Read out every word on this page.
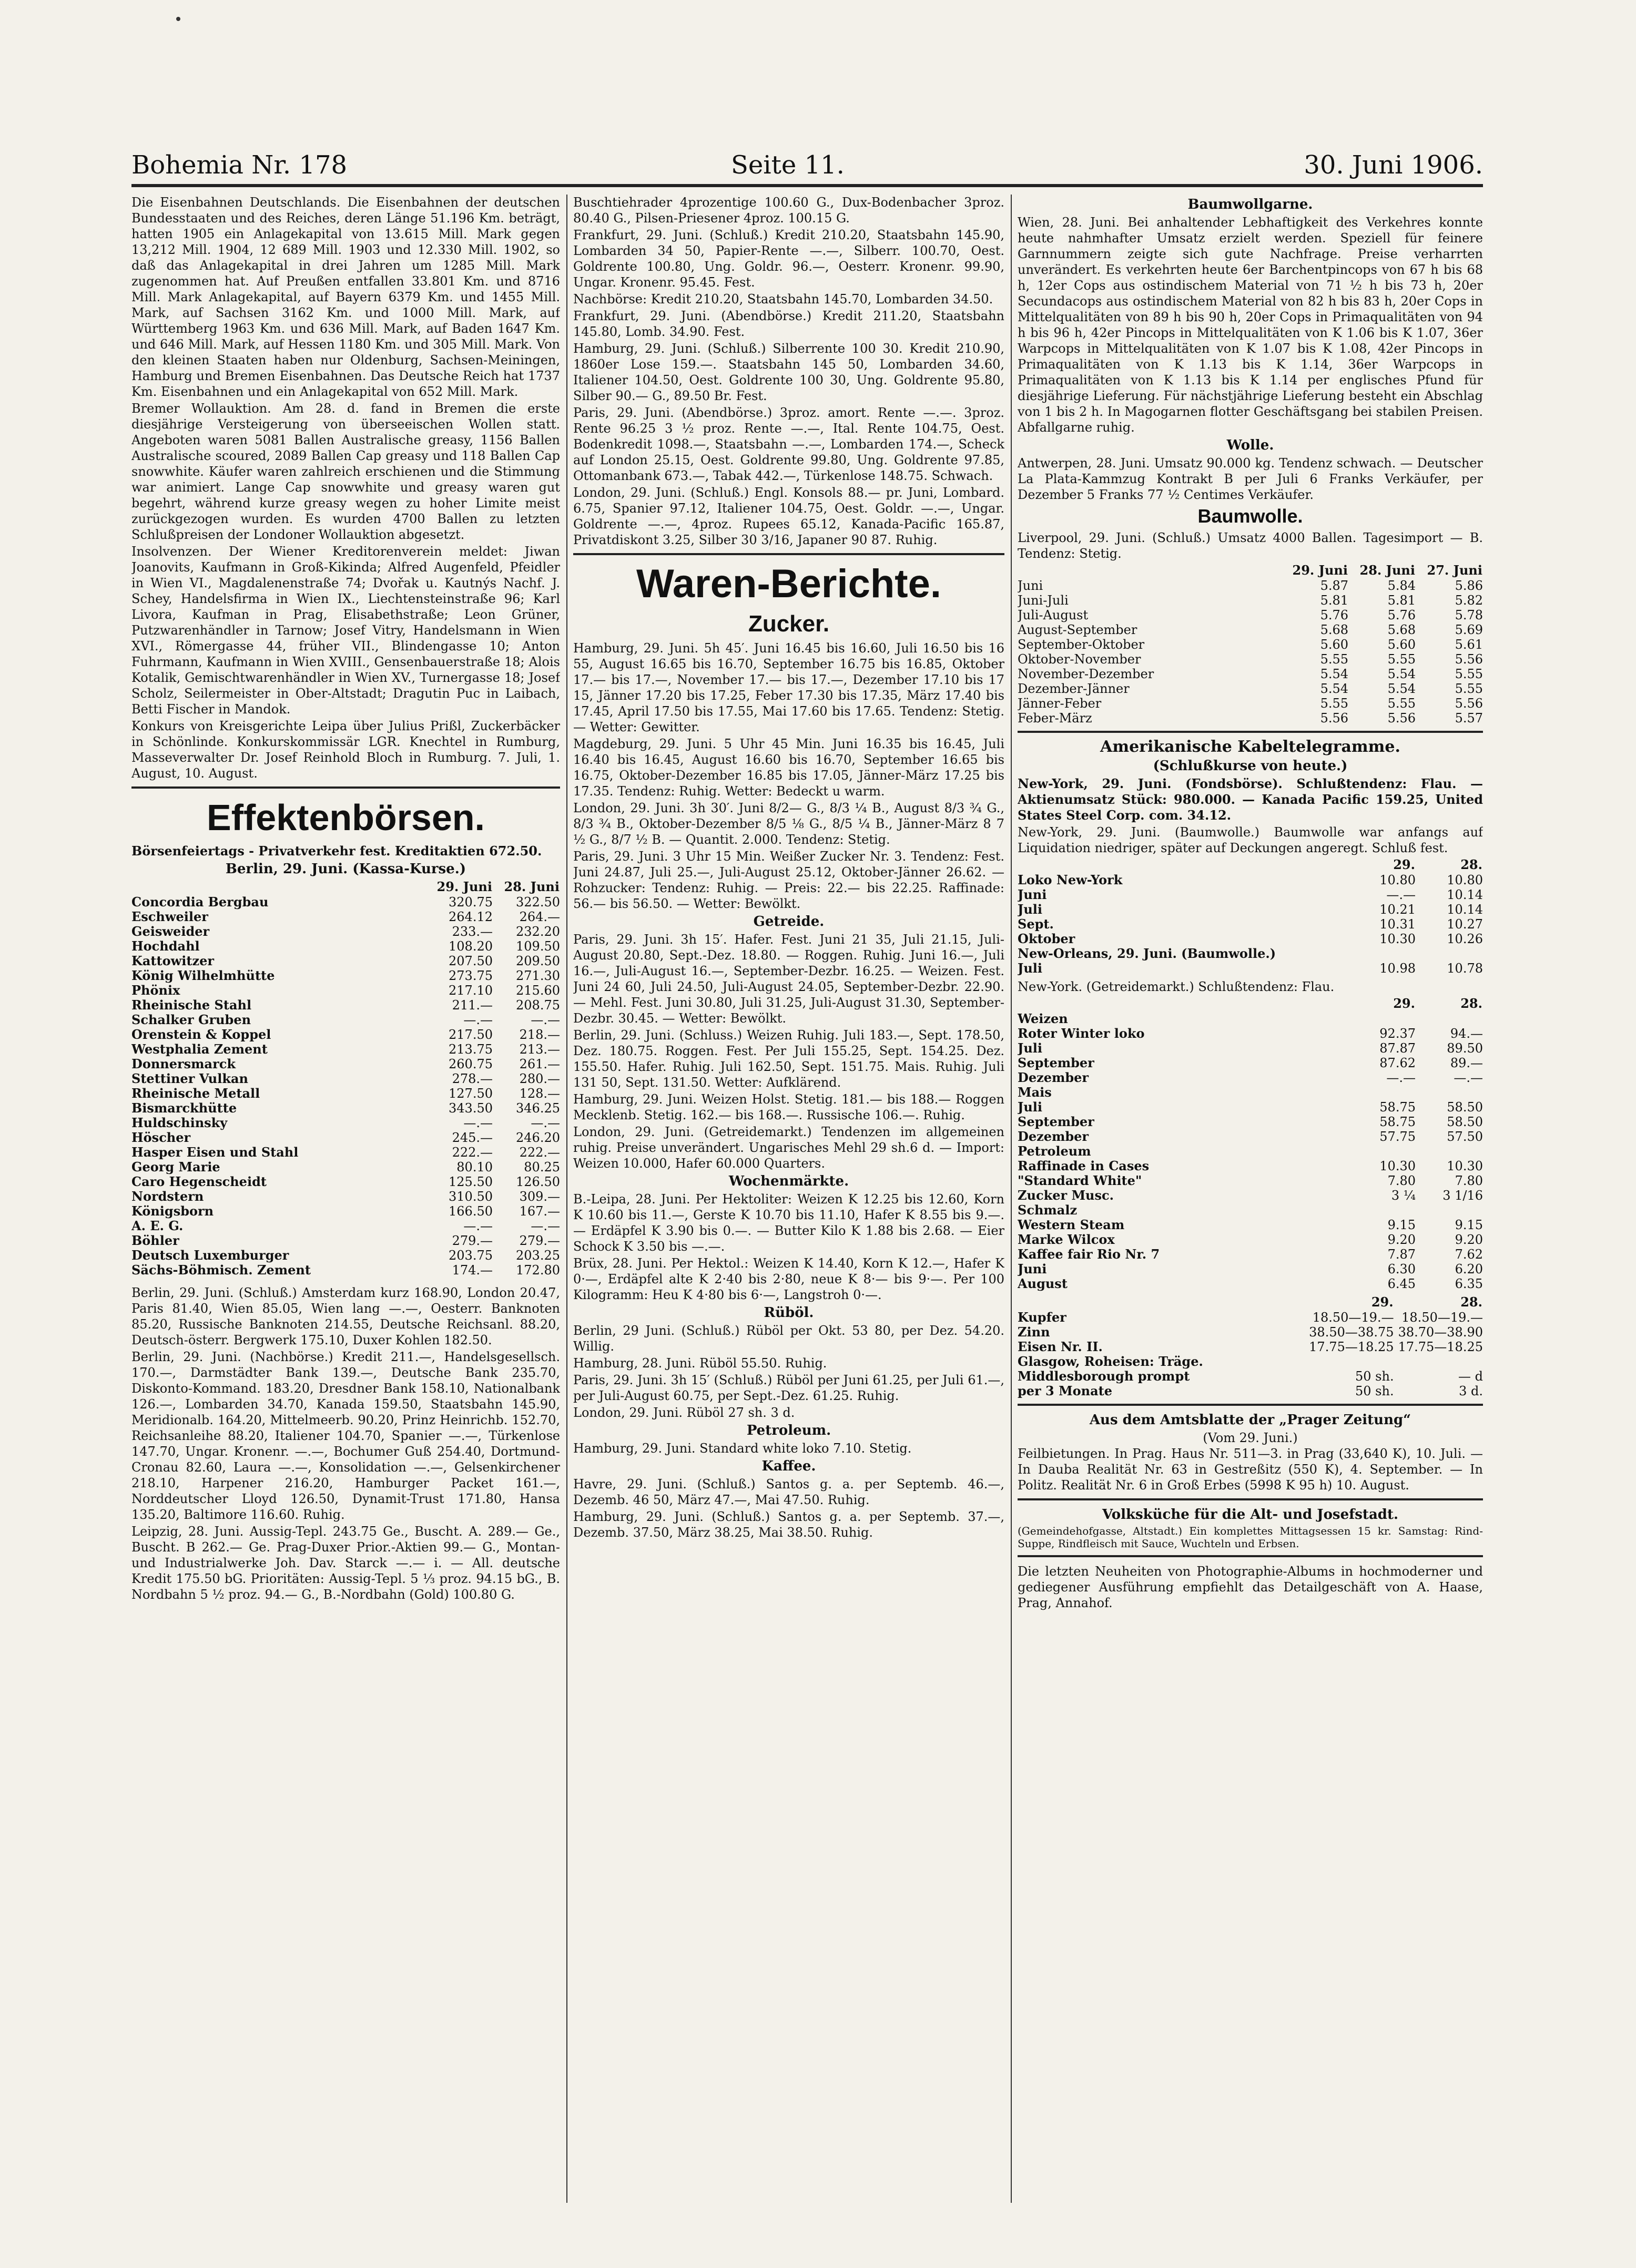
Bohemia Nr. 178	Seite 11.	30. Juni 1906.

Die Eisenbahnen Deutschlands. Die Eisenbahnen der deutschen Bundesstaaten und des Reiches, deren Länge 51.196 Km. beträgt, hatten 1905 ein Anlagekapital von 13.615 Mill. Mark gegen 13,212 Mill. 1904, 12 689 Mill. 1903 und 12.330 Mill. 1902, so daß das Anlagekapital in drei Jahren um 1285 Mill. Mark zugenommen hat. Auf Preußen entfallen 33.801 Km. und 8716 Mill. Mark Anlagekapital, auf Bayern 6379 Km. und 1455 Mill. Mark, auf Sachsen 3162 Km. und 1000 Mill. Mark, auf Württemberg 1963 Km. und 636 Mill. Mark, auf Baden 1647 Km. und 646 Mill. Mark, auf Hessen 1180 Km. und 305 Mill. Mark. Von den kleinen Staaten haben nur Oldenburg, Sachsen-Meiningen, Hamburg und Bremen Eisenbahnen. Das Deutsche Reich hat 1737 Km. Eisenbahnen und ein Anlagekapital von 652 Mill. Mark.

Bremer Wollauktion. Am 28. d. fand in Bremen die erste diesjährige Versteigerung von überseeischen Wollen statt. Angeboten waren 5081 Ballen Australische greasy, 1156 Ballen Australische scoured, 2089 Ballen Cap greasy und 118 Ballen Cap snowwhite. Käufer waren zahlreich erschienen und die Stimmung war animiert. Lange Cap snowwhite und greasy waren gut begehrt, während kurze greasy wegen zu hoher Limite meist zurückgezogen wurden. Es wurden 4700 Ballen zu letzten Schlußpreisen der Londoner Wollauktion abgesetzt.

Insolvenzen. Der Wiener Kreditorenverein meldet: Jiwan Joanovits, Kaufmann in Groß-Kikinda; Alfred Augenfeld, Pfeidler in Wien VI., Magdalenenstraße 74; Dvořak u. Kautnýs Nachf. J. Schey, Handelsfirma in Wien IX., Liechtensteinstraße 96; Karl Livora, Kaufman in Prag, Elisabethstraße; Leon Grüner, Putzwarenhändler in Tarnow; Josef Vitry, Handelsmann in Wien XVI., Römergasse 44, früher VII., Blindengasse 10; Anton Fuhrmann, Kaufmann in Wien XVIII., Gensenbauerstraße 18; Alois Kotalik, Gemischtwarenhändler in Wien XV., Turnergasse 18; Josef Scholz, Seilermeister in Ober-Altstadt; Dragutin Puc in Laibach, Betti Fischer in Mandok.

Konkurs von Kreisgerichte Leipa über Julius Prißl, Zuckerbäcker in Schönlinde. Konkurskommissär LGR. Knechtel in Rumburg, Masseverwalter Dr. Josef Reinhold Bloch in Rumburg. 7. Juli, 1. August, 10. August.

Effektenbörsen.

Börsenfeiertags - Privatverkehr fest. Kreditaktien 672.50.

Berlin, 29. Juni. (Kassa-Kurse.)
	29. Juni	28. Juni
Concordia Bergbau	320.75	322.50
Eschweiler	264.12	264.—
Geisweider	233.—	232.20
Hochdahl	108.20	109.50
Kattowitzer	207.50	209.50
König Wilhelmhütte	273.75	271.30
Phönix	217.10	215.60
Rheinische Stahl	211.—	208.75
Schalker Gruben	—.—	—.—
Orenstein & Koppel	217.50	218.—
Westphalia Zement	213.75	213.—
Donnersmarck	260.75	261.—
Stettiner Vulkan	278.—	280.—
Rheinische Metall	127.50	128.—
Bismarckhütte	343.50	346.25
Huldschinsky	—.—	—.—
Höscher	245.—	246.20
Hasper Eisen und Stahl	222.—	222.—
Georg Marie	80.10	80.25
Caro Hegenscheidt	125.50	126.50
Nordstern	310.50	309.—
Königsborn	166.50	167.—
A. E. G.	—.—	—.—
Böhler	279.—	279.—
Deutsch Luxemburger	203.75	203.25
Sächs-Böhmisch. Zement	174.—	172.80

Berlin, 29. Juni. (Schluß.) Amsterdam kurz 168.90, London 20.47, Paris 81.40, Wien 85.05, Wien lang —.—, Oesterr. Banknoten 85.20, Russische Banknoten 214.55, Deutsche Reichsanl. 88.20, Deutsch-österr. Bergwerk 175.10, Duxer Kohlen 182.50.

Berlin, 29. Juni. (Nachbörse.) Kredit 211.—, Handelsgesellsch. 170.—, Darmstädter Bank 139.—, Deutsche Bank 235.70, Diskonto-Kommand. 183.20, Dresdner Bank 158.10, Nationalbank 126.—, Lombarden 34.70, Kanada 159.50, Staatsbahn 145.90, Meridionalb. 164.20, Mittelmeerb. 90.20, Prinz Heinrichb. 152.70, Reichsanleihe 88.20, Italiener 104.70, Spanier —.—, Türkenlose 147.70, Ungar. Kronenr. —.—, Bochumer Guß 254.40, Dortmund-Cronau 82.60, Laura —.—, Konsolidation —.—, Gelsenkirchener 218.10, Harpener 216.20, Hamburger Packet 161.—, Norddeutscher Lloyd 126.50, Dynamit-Trust 171.80, Hansa 135.20, Baltimore 116.60. Ruhig.

Leipzig, 28. Juni. Aussig-Tepl. 243.75 Ge., Buscht. A. 289.— Ge., Buscht. B 262.— Ge. Prag-Duxer Prior.-Aktien 99.— G., Montan- und Industrialwerke Joh. Dav. Starck —.— i. — All. deutsche Kredit 175.50 bG. Prioritäten: Aussig-Tepl. 5 ⅓ proz. 94.15 bG., B. Nordbahn 5 ½ proz. 94.— G., B.-Nordbahn (Gold) 100.80 G.

Buschtiehrader 4prozentige 100.60 G., Dux-Bodenbacher 3proz. 80.40 G., Pilsen-Priesener 4proz. 100.15 G.

Frankfurt, 29. Juni. (Schluß.) Kredit 210.20, Staatsbahn 145.90, Lombarden 34 50, Papier-Rente —.—, Silberr. 100.70, Oest. Goldrente 100.80, Ung. Goldr. 96.—, Oesterr. Kronenr. 99.90, Ungar. Kronenr. 95.45. Fest.

Nachbörse: Kredit 210.20, Staatsbahn 145.70, Lombarden 34.50.

Frankfurt, 29. Juni. (Abendbörse.) Kredit 211.20, Staatsbahn 145.80, Lomb. 34.90. Fest.

Hamburg, 29. Juni. (Schluß.) Silberrente 100 30. Kredit 210.90, 1860er Lose 159.—. Staatsbahn 145 50, Lombarden 34.60, Italiener 104.50, Oest. Goldrente 100 30, Ung. Goldrente 95.80, Silber 90.— G., 89.50 Br. Fest.

Paris, 29. Juni. (Abendbörse.) 3proz. amort. Rente —.—. 3proz. Rente 96.25 3 ½ proz. Rente —.—, Ital. Rente 104.75, Oest. Bodenkredit 1098.—, Staatsbahn —.—, Lombarden 174.—, Scheck auf London 25.15, Oest. Goldrente 99.80, Ung. Goldrente 97.85, Ottomanbank 673.—, Tabak 442.—, Türkenlose 148.75. Schwach.

London, 29. Juni. (Schluß.) Engl. Konsols 88.— pr. Juni, Lombard. 6.75, Spanier 97.12, Italiener 104.75, Oest. Goldr. —.—, Ungar. Goldrente —.—, 4proz. Rupees 65.12, Kanada-Pacific 165.87, Privatdiskont 3.25, Silber 30 3/16, Japaner 90 87. Ruhig.

Waren-Berichte.
Zucker.

Hamburg, 29. Juni. 5h 45′. Juni 16.45 bis 16.60, Juli 16.50 bis 16 55, August 16.65 bis 16.70, September 16.75 bis 16.85, Oktober 17.— bis 17.—, November 17.— bis 17.—, Dezember 17.10 bis 17 15, Jänner 17.20 bis 17.25, Feber 17.30 bis 17.35, März 17.40 bis 17.45, April 17.50 bis 17.55, Mai 17.60 bis 17.65. Tendenz: Stetig. — Wetter: Gewitter.

Magdeburg, 29. Juni. 5 Uhr 45 Min. Juni 16.35 bis 16.45, Juli 16.40 bis 16.45, August 16.60 bis 16.70, September 16.65 bis 16.75, Oktober-Dezember 16.85 bis 17.05, Jänner-März 17.25 bis 17.35. Tendenz: Ruhig. Wetter: Bedeckt u warm.

London, 29. Juni. 3h 30′. Juni 8/2— G., 8/3 ¼ B., August 8/3 ¾ G., 8/3 ¾ B., Oktober-Dezember 8/5 ⅛ G., 8/5 ¼ B., Jänner-März 8 7 ½ G., 8/7 ½ B. — Quantit. 2.000. Tendenz: Stetig.

Paris, 29. Juni. 3 Uhr 15 Min. Weißer Zucker Nr. 3. Tendenz: Fest. Juni 24.87, Juli 25.—, Juli-August 25.12, Oktober-Jänner 26.62. — Rohzucker: Tendenz: Ruhig. — Preis: 22.— bis 22.25. Raffinade: 56.— bis 56.50. — Wetter: Bewölkt.

Getreide.

Paris, 29. Juni. 3h 15′. Hafer. Fest. Juni 21 35, Juli 21.15, Juli-August 20.80, Sept.-Dez. 18.80. — Roggen. Ruhig. Juni 16.—, Juli 16.—, Juli-August 16.—, September-Dezbr. 16.25. — Weizen. Fest. Juni 24 60, Juli 24.50, Juli-August 24.05, September-Dezbr. 22.90. — Mehl. Fest. Juni 30.80, Juli 31.25, Juli-August 31.30, September-Dezbr. 30.45. — Wetter: Bewölkt.

Berlin, 29. Juni. (Schluss.) Weizen Ruhig. Juli 183.—, Sept. 178.50, Dez. 180.75. Roggen. Fest. Per Juli 155.25, Sept. 154.25. Dez. 155.50. Hafer. Ruhig. Juli 162.50, Sept. 151.75. Mais. Ruhig. Juli 131 50, Sept. 131.50. Wetter: Aufklärend.

Hamburg, 29. Juni. Weizen Holst. Stetig. 181.— bis 188.— Roggen Mecklenb. Stetig. 162.— bis 168.—. Russische 106.—. Ruhig.

London, 29. Juni. (Getreidemarkt.) Tendenzen im allgemeinen ruhig. Preise unverändert. Ungarisches Mehl 29 sh.6 d. — Import: Weizen 10.000, Hafer 60.000 Quarters.

Wochenmärkte.

B.-Leipa, 28. Juni. Per Hektoliter: Weizen K 12.25 bis 12.60, Korn K 10.60 bis 11.—, Gerste K 10.70 bis 11.10, Hafer K 8.55 bis 9.—. — Erdäpfel K 3.90 bis 0.—. — Butter Kilo K 1.88 bis 2.68. — Eier Schock K 3.50 bis —.—.

Brüx, 28. Juni. Per Hektol.: Weizen K 14.40, Korn K 12.—, Hafer K 0·—, Erdäpfel alte K 2·40 bis 2·80, neue K 8·— bis 9·—. Per 100 Kilogramm: Heu K 4·80 bis 6·—, Langstroh 0·—.

Rüböl.

Berlin, 29 Juni. (Schluß.) Rüböl per Okt. 53 80, per Dez. 54.20. Willig.

Hamburg, 28. Juni. Rüböl 55.50. Ruhig.

Paris, 29. Juni. 3h 15′ (Schluß.) Rüböl per Juni 61.25, per Juli 61.—, per Juli-August 60.75, per Sept.-Dez. 61.25. Ruhig.

London, 29. Juni. Rüböl 27 sh. 3 d.

Petroleum.

Hamburg, 29. Juni. Standard white loko 7.10. Stetig.

Kaffee.

Havre, 29. Juni. (Schluß.) Santos g. a. per Septemb. 46.—, Dezemb. 46 50, März 47.—, Mai 47.50. Ruhig.

Hamburg, 29. Juni. (Schluß.) Santos g. a. per Septemb. 37.—, Dezemb. 37.50, März 38.25, Mai 38.50. Ruhig.

Baumwollgarne.

Wien, 28. Juni. Bei anhaltender Lebhaftigkeit des Verkehres konnte heute nahmhafter Umsatz erzielt werden. Speziell für feinere Garnnummern zeigte sich gute Nachfrage. Preise verharrten unverändert. Es verkehrten heute 6er Barchentpincops von 67 h bis 68 h, 12er Cops aus ostindischem Material von 71 ½ h bis 73 h, 20er Secundacops aus ostindischem Material von 82 h bis 83 h, 20er Cops in Mittelqualitäten von 89 h bis 90 h, 20er Cops in Primaqualitäten von 94 h bis 96 h, 42er Pincops in Mittelqualitäten von K 1.06 bis K 1.07, 36er Warpcops in Mittelqualitäten von K 1.07 bis K 1.08, 42er Pincops in Primaqualitäten von K 1.13 bis K 1.14, 36er Warpcops in Primaqualitäten von K 1.13 bis K 1.14 per englisches Pfund für diesjährige Lieferung. Für nächstjährige Lieferung besteht ein Abschlag von 1 bis 2 h. In Magogarnen flotter Geschäftsgang bei stabilen Preisen. Abfallgarne ruhig.

Wolle.

Antwerpen, 28. Juni. Umsatz 90.000 kg. Tendenz schwach. — Deutscher La Plata-Kammzug Kontrakt B per Juli 6 Franks Verkäufer, per Dezember 5 Franks 77 ½ Centimes Verkäufer.

Baumwolle.

Liverpool, 29. Juni. (Schluß.) Umsatz 4000 Ballen. Tagesimport — B. Tendenz: Stetig.

	29. Juni	28. Juni	27. Juni
Juni	5.87	5.84	5.86
Juni-Juli	5.81	5.81	5.82
Juli-August	5.76	5.76	5.78
August-September	5.68	5.68	5.69
September-Oktober	5.60	5.60	5.61
Oktober-November	5.55	5.55	5.56
November-Dezember	5.54	5.54	5.55
Dezember-Jänner	5.54	5.54	5.55
Jänner-Feber	5.55	5.55	5.56
Feber-März	5.56	5.56	5.57
Amerikanische Kabeltelegramme.
(Schlußkurse von heute.)

New-York, 29. Juni. (Fondsbörse). Schlußtendenz: Flau. — Aktienumsatz Stück: 980.000. — Kanada Pacific 159.25, United States Steel Corp. com. 34.12.

New-York, 29. Juni. (Baumwolle.) Baumwolle war anfangs auf Liquidation niedriger, später auf Deckungen angeregt. Schluß fest.

	29.	28.
Loko New-York	10.80	10.80
Juni	—.—	10.14
Juli	10.21	10.14
Sept.	10.31	10.27
Oktober	10.30	10.26
New-Orleans, 29. Juni. (Baumwolle.)		
Juli	10.98	10.78

New-York. (Getreidemarkt.) Schlußtendenz: Flau.

	29.	28.
Weizen		
Roter Winter loko	92.37	94.—
Juli	87.87	89.50
September	87.62	89.—
Dezember	—.—	—.—
Mais		
Juli	58.75	58.50
September	58.75	58.50
Dezember	57.75	57.50
Petroleum		
Raffinade in Cases	10.30	10.30
"Standard White"	7.80	7.80
Zucker Musc.	3 ¼	3 1/16
Schmalz		
Western Steam	9.15	9.15
Marke Wilcox	9.20	9.20
Kaffee fair Rio Nr. 7	7.87	7.62
Juni	6.30	6.20
August	6.45	6.35
	29.	28.
Kupfer	18.50—19.—	18.50—19.—
Zinn	38.50—38.75	38.70—38.90
Eisen Nr. II.	17.75—18.25	17.75—18.25
Glasgow, Roheisen: Träge.		
Middlesborough prompt	50 sh.	— d
per 3 Monate	50 sh.	3 d.
Aus dem Amtsblatte der „Prager Zeitung“
(Vom 29. Juni.)

Feilbietungen. In Prag. Haus Nr. 511—3. in Prag (33,640 K), 10. Juli. — In Dauba Realität Nr. 63 in Gestreßitz (550 K), 4. September. — In Politz. Realität Nr. 6 in Groß Erbes (5998 K 95 h) 10. August.

Volksküche für die Alt- und Josefstadt.

(Gemeindehofgasse, Altstadt.) Ein komplettes Mittagsessen 15 kr. Samstag: Rind-Suppe, Rindfleisch mit Sauce, Wuchteln und Erbsen.

Die letzten Neuheiten von Photographie-Albums in hochmoderner und gediegener Ausführung empfiehlt das Detailgeschäft von A. Haase, Prag, Annahof.
